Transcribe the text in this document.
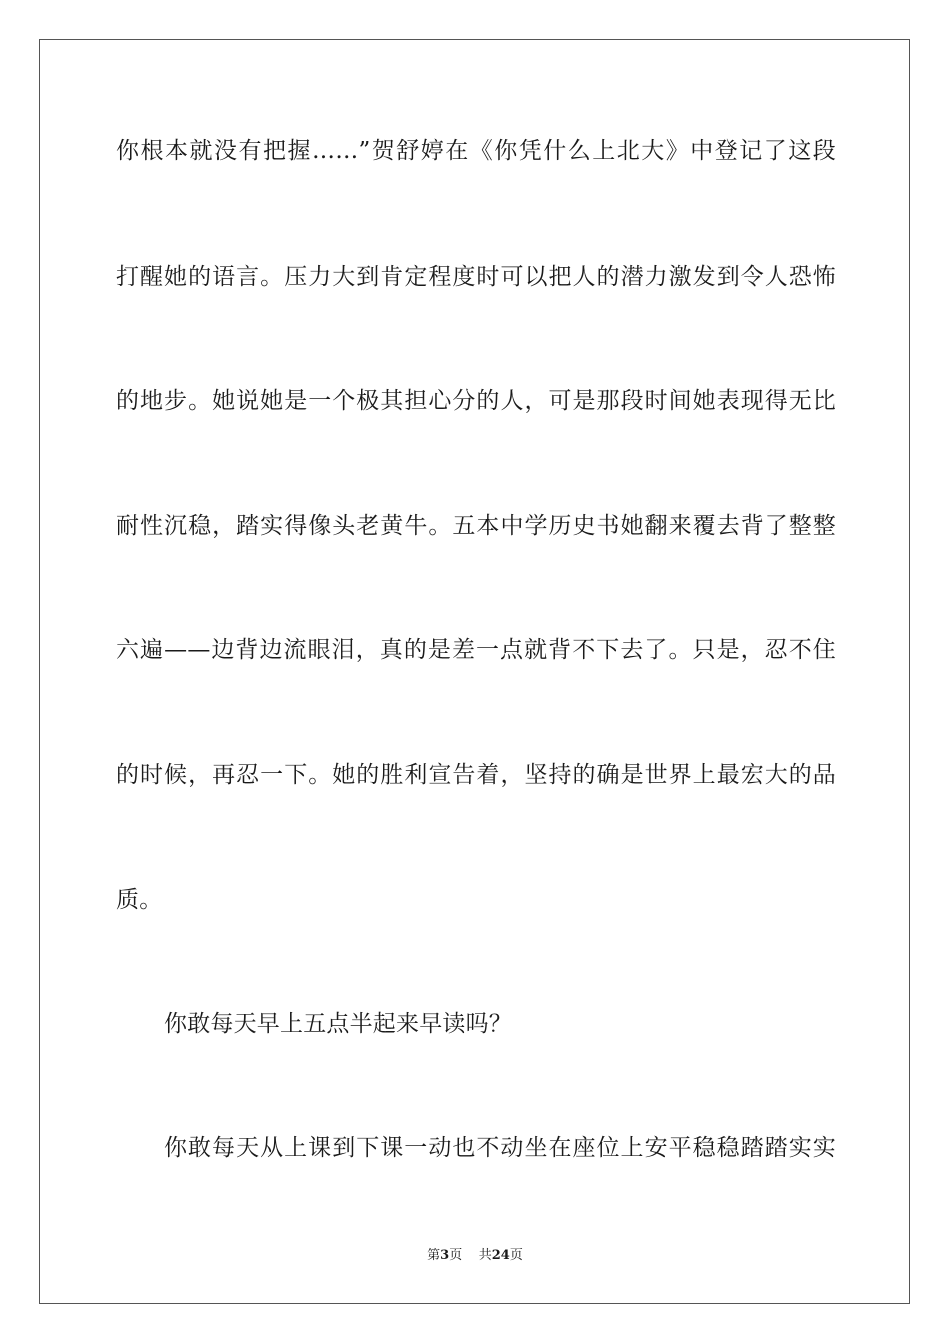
你根本就没有把握……”贺舒婷在《你凭什么上北大》中登记了这段
打醒她的语言。压力大到肯定程度时可以把人的潜力激发到令人恐怖
的地步。她说她是一个极其担心分的人，可是那段时间她表现得无比
耐性沉稳，踏实得像头老黄牛。五本中学历史书她翻来覆去背了整整
六遍——边背边流眼泪，真的是差一点就背不下去了。只是，忍不住
的时候，再忍一下。她的胜利宣告着，坚持的确是世界上最宏大的品
质。
你敢每天早上五点半起来早读吗？
你敢每天从上课到下课一动也不动坐在座位上安平稳稳踏踏实实
第3页 共24页
